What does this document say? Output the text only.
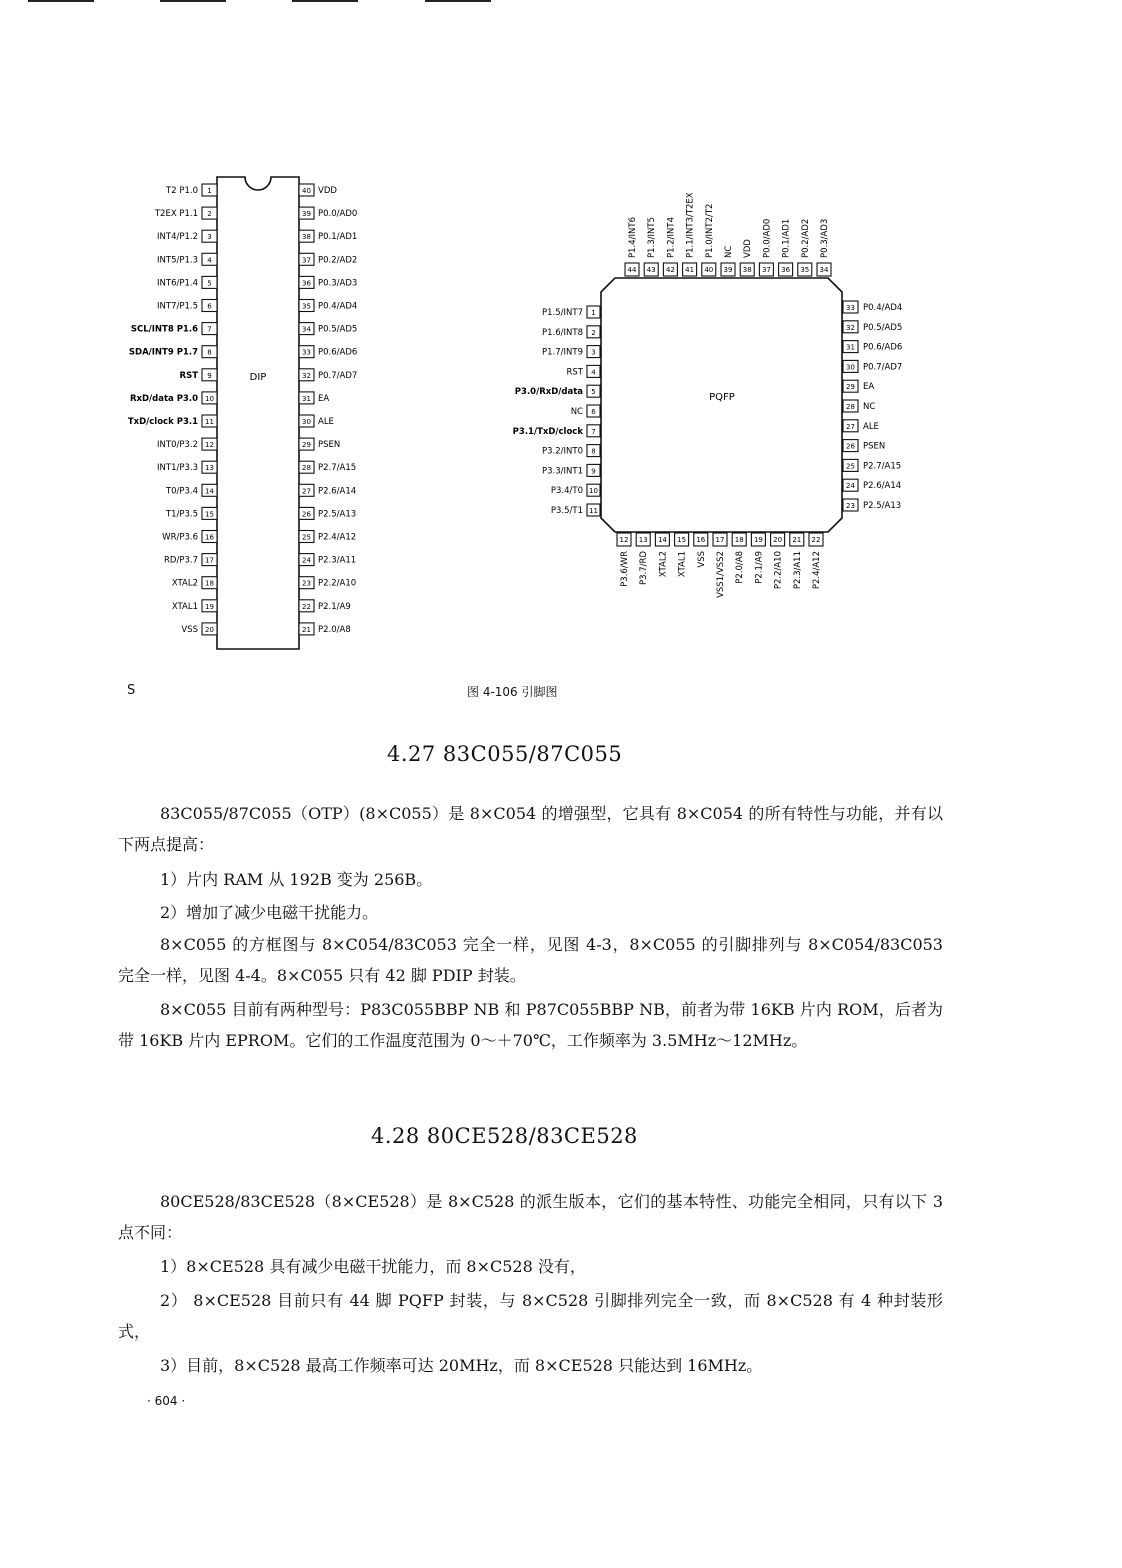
DIP
1
T2 P1.0
2
T2EX P1.1
3
INT4/P1.2
4
INT5/P1.3
5
INT6/P1.4
6
INT7/P1.5
7
SCL/INT8 P1.6
8
SDA/INT9 P1.7
9
RST
10
RxD/data P3.0
11
TxD/clock P3.1
12
INT0/P3.2
13
INT1/P3.3
14
T0/P3.4
15
T1/P3.5
16
WR/P3.6
17
RD/P3.7
18
XTAL2
19
XTAL1
20
VSS
40 VDD
39 P0.0/AD0
38 P0.1/AD1
37 P0.2/AD2
36 P0.3/AD3
35 P0.4/AD4
34 P0.5/AD5
33 P0.6/AD6
32 P0.7/AD7
31 EA
30 ALE
29 PSEN
28 P2.7/A15
27 P2.6/A14
26 P2.5/A13
25 P2.4/A12
24 P2.3/A11
23 P2.2/A10
22 P2.1/A9
21 P2.0/A8
PQFP
1
P1.5/INT7
2
P1.6/INT8
3
P1.7/INT9
4
RST
5
P3.0/RxD/data
6
NC
7
P3.1/TxD/clock
8
P3.2/INT0
9
P3.3/INT1
10
P3.4/T0
11
P3.5/T1
33 P0.4/AD4
32 P0.5/AD5
31 P0.6/AD6
30 P0.7/AD7
29 EA
28 NC
27 ALE
26 PSEN
25 P2.7/A15
24 P2.6/A14
23 P2.5/A13
44
P1.4/INT6
43
P1.3/INT5
42
P1.2/INT4
41
P1.1/INT3/T2EX
40
P1.0/INT2/T2
39
NC
38
VDD
37
P0.0/AD0
36
P0.1/AD1
35
P0.2/AD2
34
P0.3/AD3
12
P3.6/WR
13
P3.7/RD
14
XTAL2
15
XTAL1
16
VSS
17
VSS1/VSS2
18
P2.0/A8
19
P2.1/A9
20
P2.2/A10
21
P2.3/A11
22
P2.4/A12
S	图 4-106 引脚图
4.27 83C055/87C055

83C055/87C055（OTP）(8×C055）是 8×C054 的增强型，它具有 8×C054 的所有特性与功能，并有以下两点提高：

1）片内 RAM 从 192B 变为 256B。

2）增加了减少电磁干扰能力。

8×C055 的方框图与 8×C054/83C053 完全一样，见图 4-3，8×C055 的引脚排列与 8×C054/83C053 完全一样，见图 4-4。8×C055 只有 42 脚 PDIP 封装。

8×C055 目前有两种型号：P83C055BBP NB 和 P87C055BBP NB，前者为带 16KB 片内 ROM，后者为带 16KB 片内 EPROM。它们的工作温度范围为 0～＋70℃，工作频率为 3.5MHz～12MHz。

4.28 80CE528/83CE528

80CE528/83CE528（8×CE528）是 8×C528 的派生版本，它们的基本特性、功能完全相同，只有以下 3 点不同：

1）8×CE528 具有减少电磁干扰能力，而 8×C528 没有，

2） 8×CE528 目前只有 44 脚 PQFP 封装，与 8×C528 引脚排列完全一致，而 8×C528 有 4 种封装形式，

3）目前，8×C528 最高工作频率可达 20MHz，而 8×CE528 只能达到 16MHz。

· 604 ·
